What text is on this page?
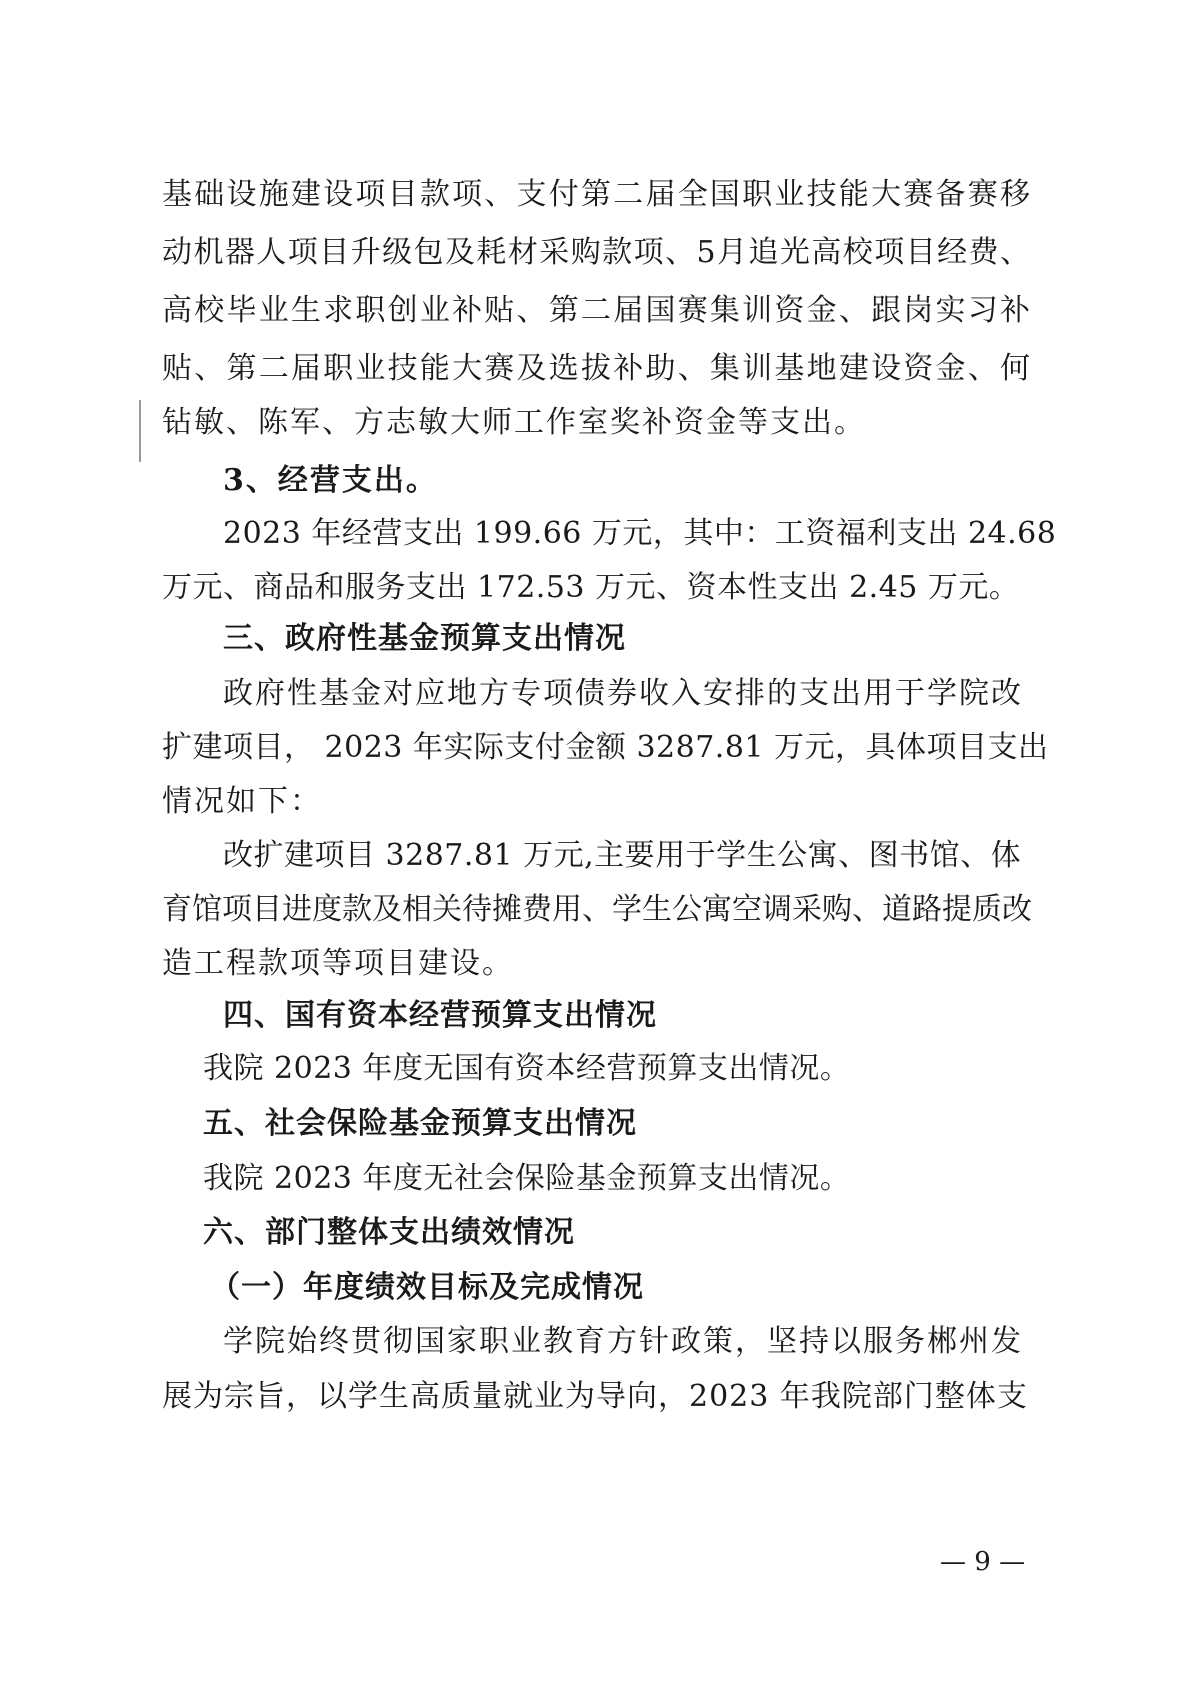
基础设施建设项目款项、支付第二届全国职业技能大赛备赛移
动机器人项目升级包及耗材采购款项、5月追光高校项目经费、
高校毕业生求职创业补贴、第二届国赛集训资金、跟岗实习补
贴、第二届职业技能大赛及选拔补助、集训基地建设资金、何
钻敏、陈军、方志敏大师工作室奖补资金等支出。
3、经营支出。
2023 年经营支出 199.66 万元，其中：工资福利支出 24.68
万元、商品和服务支出 172.53 万元、资本性支出 2.45 万元。
三、政府性基金预算支出情况
政府性基金对应地方专项债券收入安排的支出用于学院改
扩建项目， 2023 年实际支付金额 3287.81 万元，具体项目支出
情况如下：
改扩建项目 3287.81 万元,主要用于学生公寓、图书馆、体
育馆项目进度款及相关待摊费用、学生公寓空调采购、道路提质改
造工程款项等项目建设。
四、国有资本经营预算支出情况
我院 2023 年度无国有资本经营预算支出情况。
五、社会保险基金预算支出情况
我院 2023 年度无社会保险基金预算支出情况。
六、部门整体支出绩效情况
（一）年度绩效目标及完成情况
学院始终贯彻国家职业教育方针政策，坚持以服务郴州发
展为宗旨，以学生高质量就业为导向，2023 年我院部门整体支
— 9 —
